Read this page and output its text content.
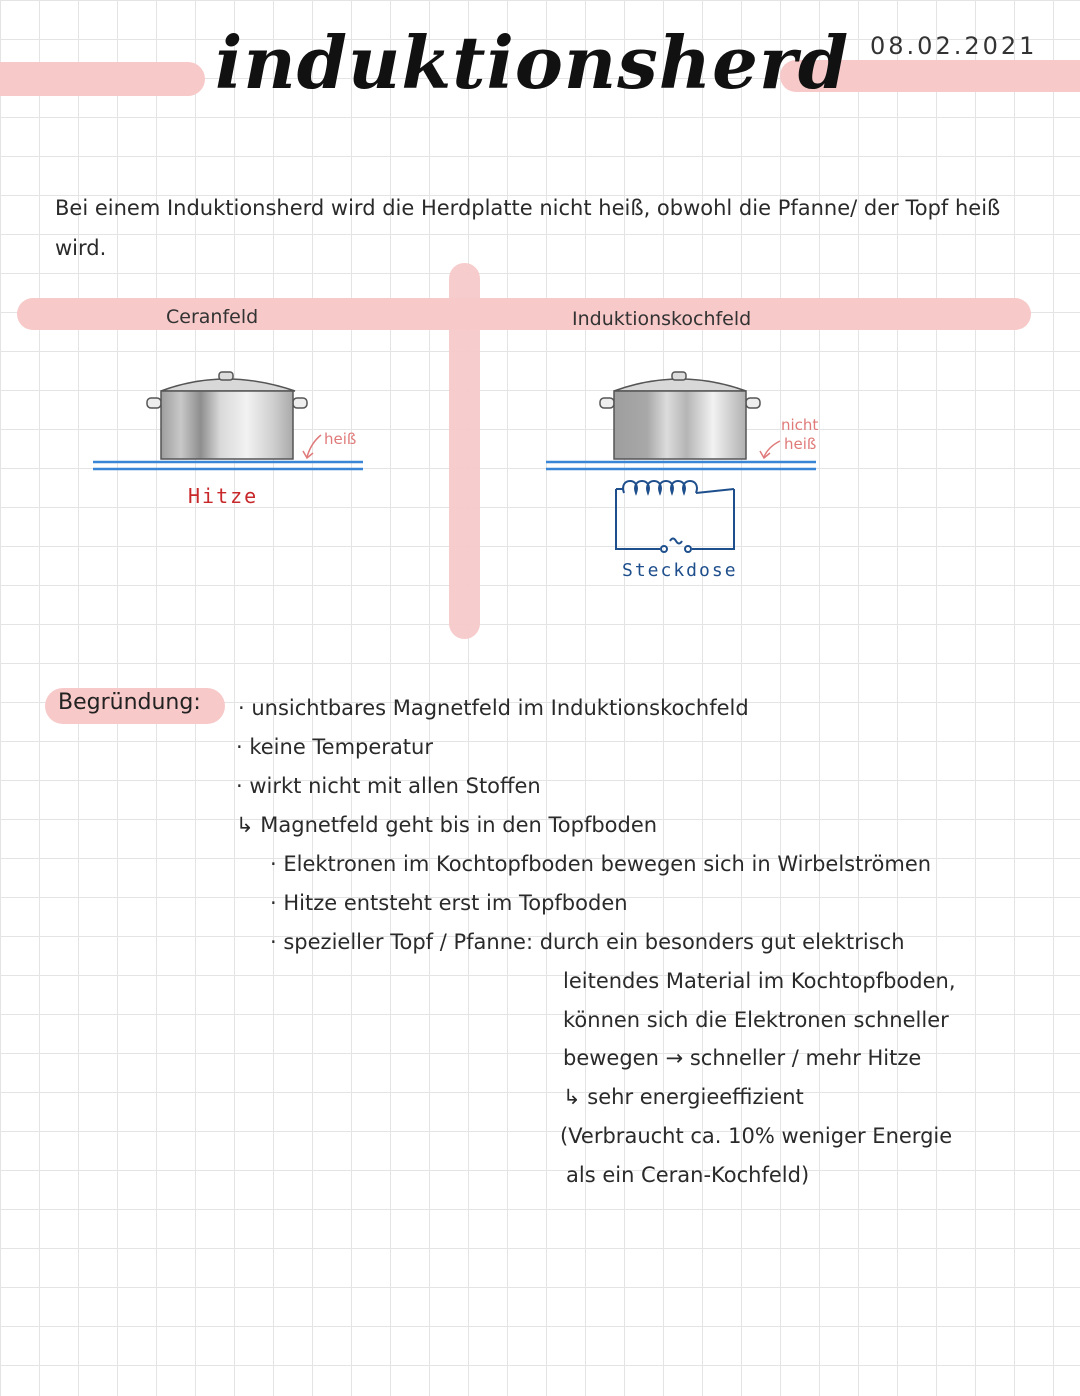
induktionsherd 08.02.2021
Bei einem Induktionsherd wird die Herdplatte nicht heiß, obwohl die Pfanne/ der Topf heiß wird.
Ceranfeld	Induktionskochfeld
heiß
Hitze
nicht
heiß
Steckdose
Begründung: · unsichtbares Magnetfeld im Induktionskochfeld
· keine Temperatur
· wirkt nicht mit allen Stoffen
↳ Magnetfeld geht bis in den Topfboden
· Elektronen im Kochtopfboden bewegen sich in Wirbelströmen
· Hitze entsteht erst im Topfboden
· spezieller Topf / Pfanne: durch ein besonders gut elektrisch
leitendes Material im Kochtopfboden,
können sich die Elektronen schneller
bewegen → schneller / mehr Hitze
↳ sehr energieeffizient
(Verbraucht ca. 10% weniger Energie
als ein Ceran-Kochfeld)
